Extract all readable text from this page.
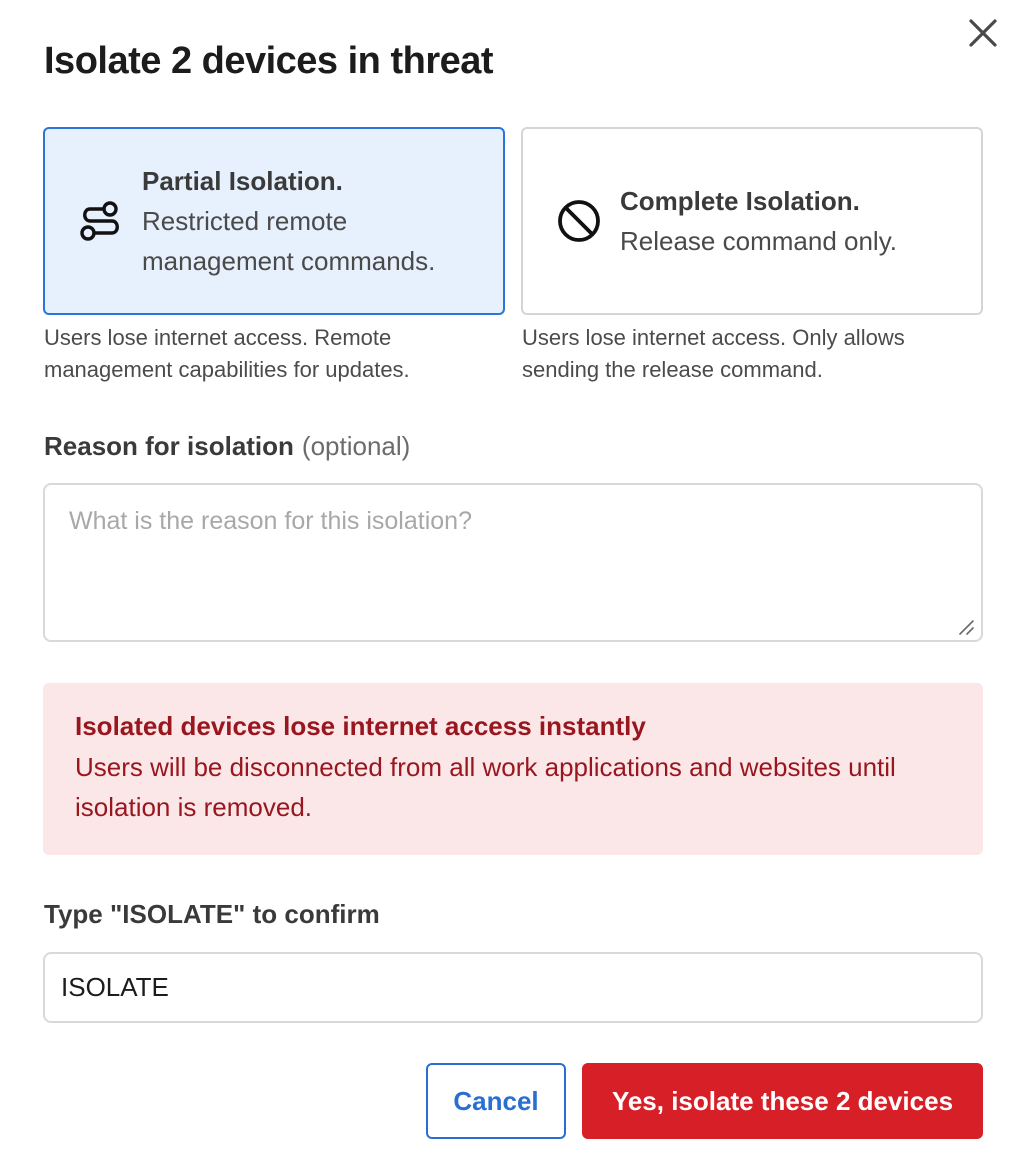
Isolate 2 devices in threat
Partial Isolation.
Restricted remote management commands.
Complete Isolation.
Release command only.

Users lose internet access. Remote management capabilities for updates.

Users lose internet access. Only allows sending the release command.

Reason for isolation (optional)
What is the reason for this isolation?
Isolated devices lose internet access instantly
Users will be disconnected from all work applications and websites until isolation is removed.
Type "ISOLATE" to confirm
ISOLATE
Cancel	Yes, isolate these 2 devices
